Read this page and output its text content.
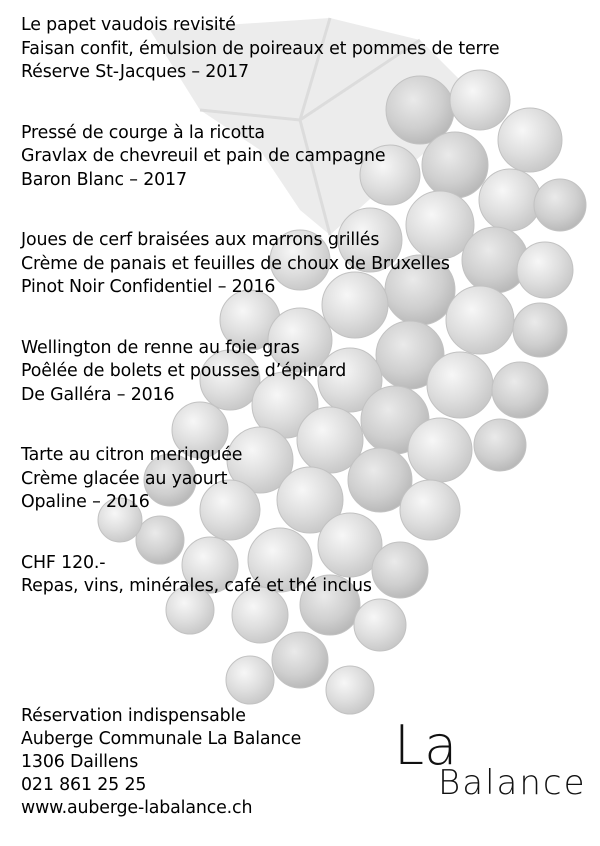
Le papet vaudois revisité
Faisan confit, émulsion de poireaux et pommes de terre
Réserve St-Jacques – 2017
Pressé de courge à la ricotta
Gravlax de chevreuil et pain de campagne
Baron Blanc – 2017
Joues de cerf braisées aux marrons grillés
Crème de panais et feuilles de choux de Bruxelles
Pinot Noir Confidentiel – 2016
Wellington de renne au foie gras
Poêlée de bolets et pousses d’épinard
De Galléra – 2016
Tarte au citron meringuée
Crème glacée au yaourt
Opaline – 2016
CHF 120.-
Repas, vins, minérales, café et thé inclus
Réservation indispensable
Auberge Communale La Balance
1306 Daillens
021 861 25 25
www.auberge-labalance.ch
La
Balance
